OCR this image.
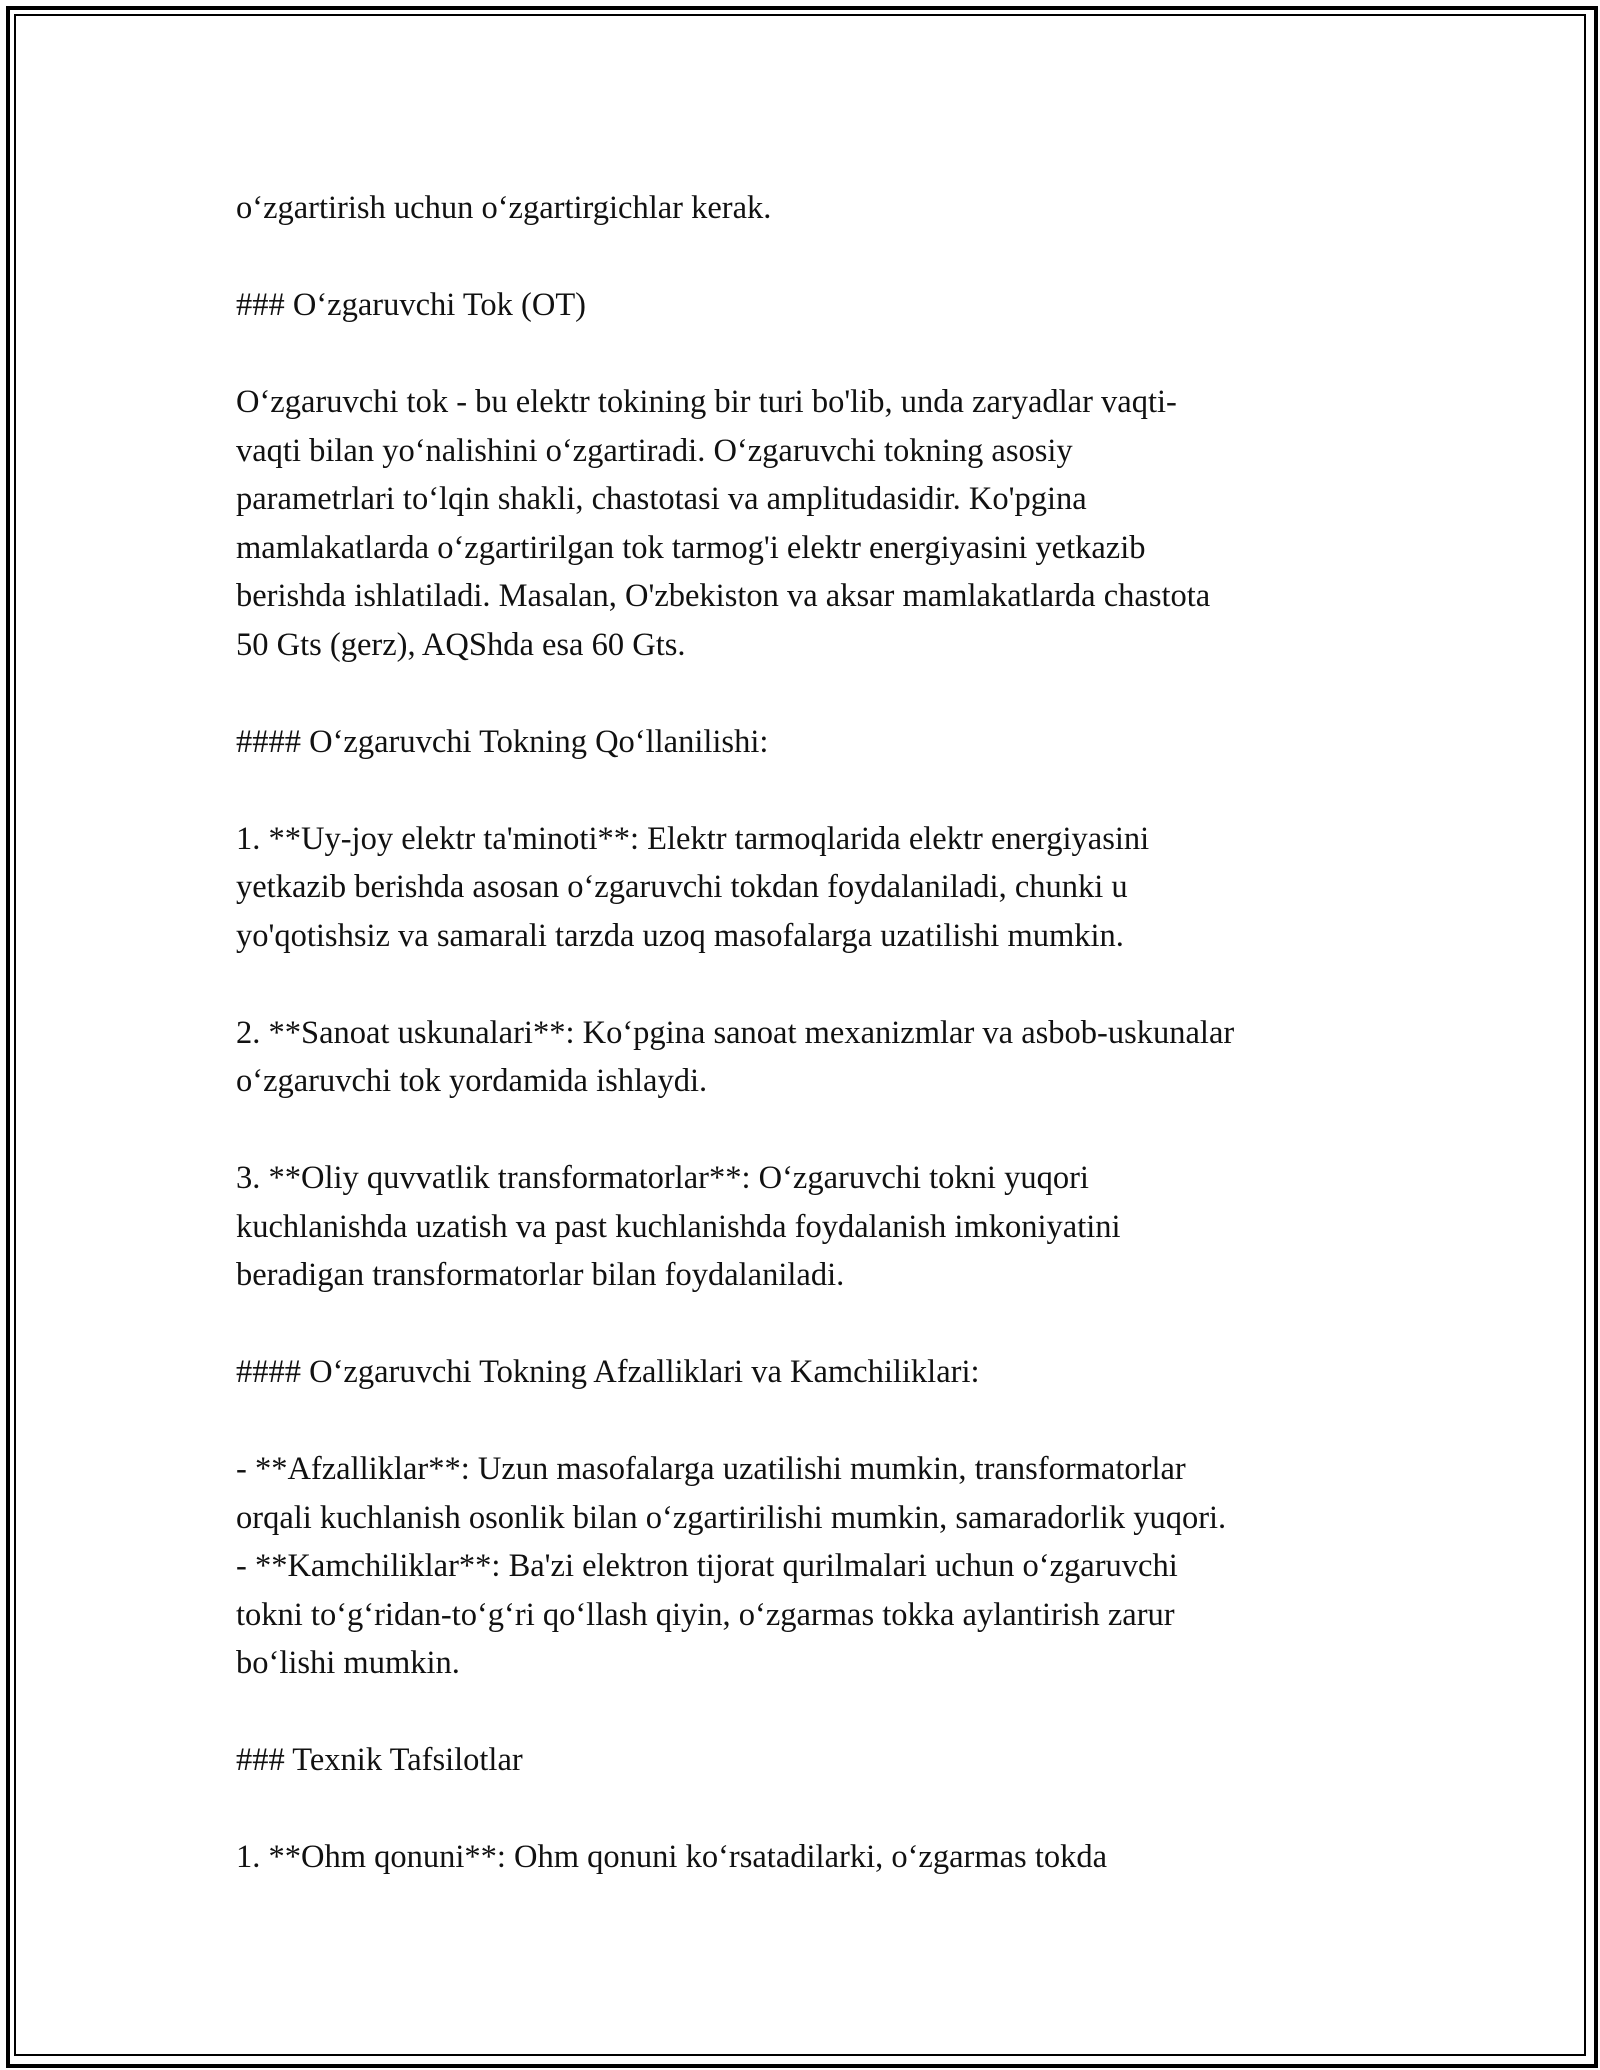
o‘zgartirish uchun o‘zgartirgichlar kerak.
### O‘zgaruvchi Tok (OT)
O‘zgaruvchi tok - bu elektr tokining bir turi bo'lib, unda zaryadlar vaqti-
vaqti bilan yo‘nalishini o‘zgartiradi. O‘zgaruvchi tokning asosiy
parametrlari to‘lqin shakli, chastotasi va amplitudasidir. Ko'pgina
mamlakatlarda o‘zgartirilgan tok tarmog'i elektr energiyasini yetkazib
berishda ishlatiladi. Masalan, O'zbekiston va aksar mamlakatlarda chastota
50 Gts (gerz), AQShda esa 60 Gts.
#### O‘zgaruvchi Tokning Qo‘llanilishi:
1. **Uy-joy elektr ta'minoti**: Elektr tarmoqlarida elektr energiyasini
yetkazib berishda asosan o‘zgaruvchi tokdan foydalaniladi, chunki u
yo'qotishsiz va samarali tarzda uzoq masofalarga uzatilishi mumkin.
2. **Sanoat uskunalari**: Ko‘pgina sanoat mexanizmlar va asbob-uskunalar
o‘zgaruvchi tok yordamida ishlaydi.
3. **Oliy quvvatlik transformatorlar**: O‘zgaruvchi tokni yuqori
kuchlanishda uzatish va past kuchlanishda foydalanish imkoniyatini
beradigan transformatorlar bilan foydalaniladi.
#### O‘zgaruvchi Tokning Afzalliklari va Kamchiliklari:
- **Afzalliklar**: Uzun masofalarga uzatilishi mumkin, transformatorlar
orqali kuchlanish osonlik bilan o‘zgartirilishi mumkin, samaradorlik yuqori.
- **Kamchiliklar**: Ba'zi elektron tijorat qurilmalari uchun o‘zgaruvchi
tokni to‘g‘ridan-to‘g‘ri qo‘llash qiyin, o‘zgarmas tokka aylantirish zarur
bo‘lishi mumkin.
### Texnik Tafsilotlar
1. **Ohm qonuni**: Ohm qonuni ko‘rsatadilarki, o‘zgarmas tokda
